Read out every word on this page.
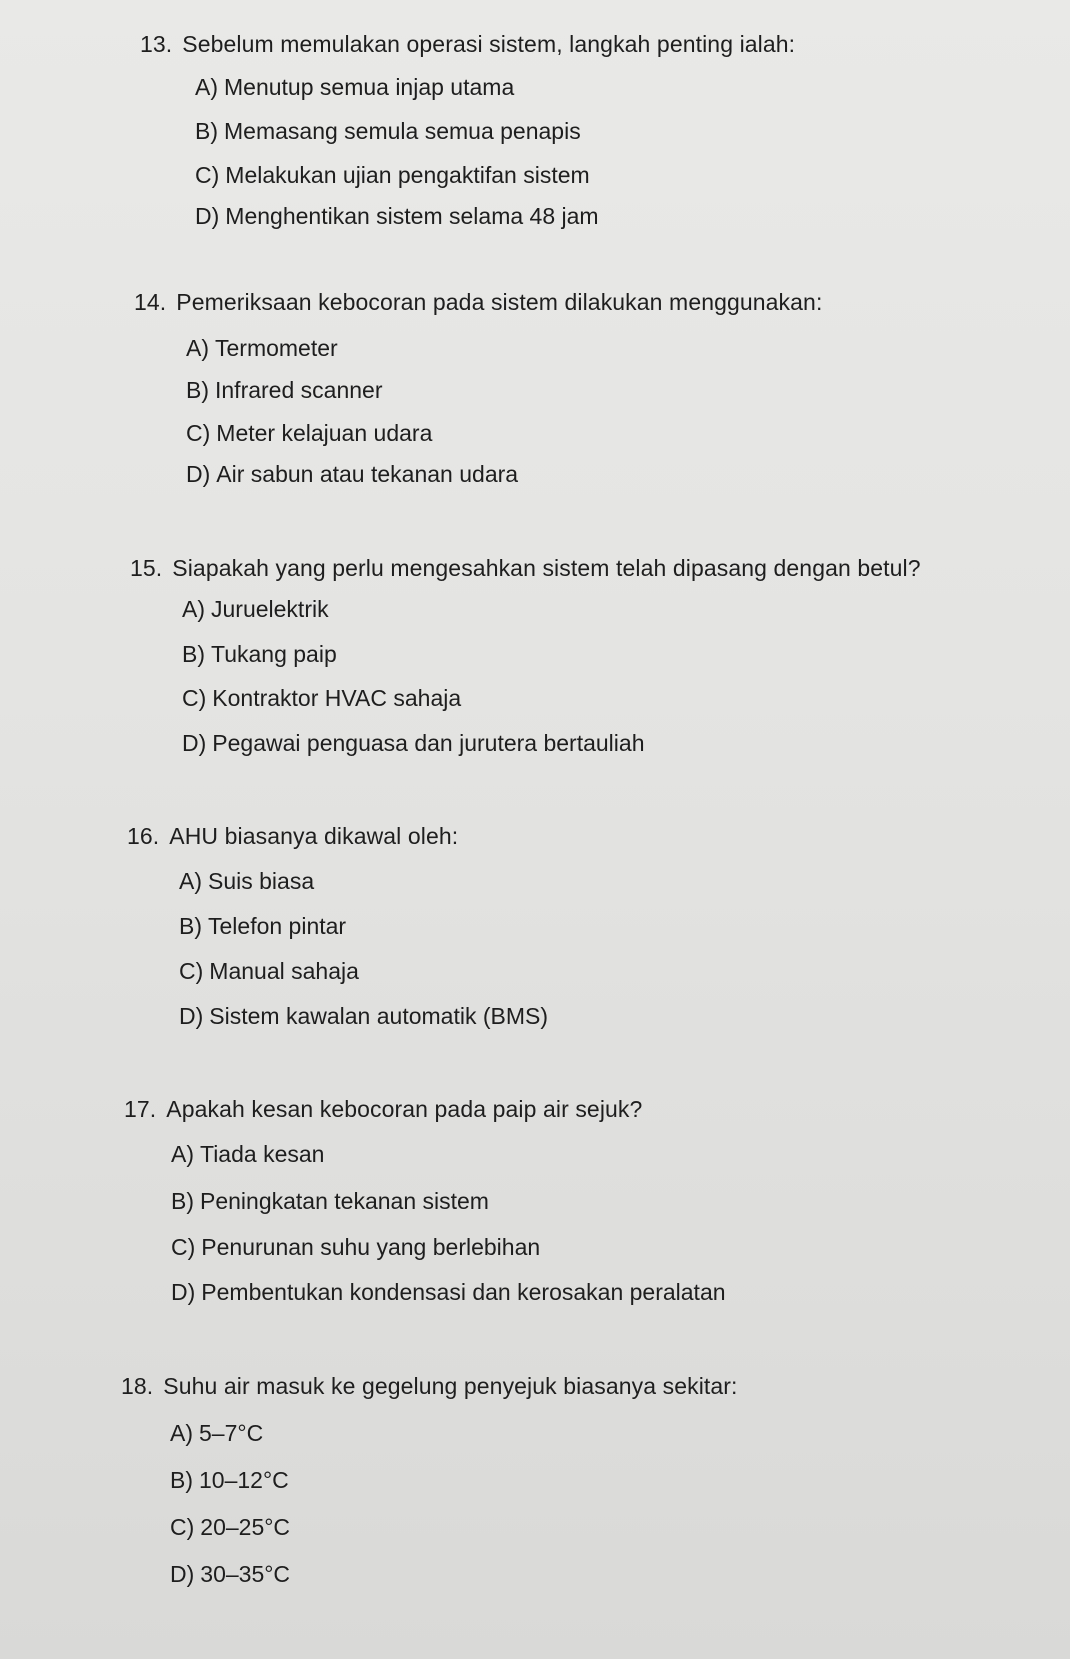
13. Sebelum memulakan operasi sistem, langkah penting ialah:
A) Menutup semua injap utama
B) Memasang semula semua penapis
C) Melakukan ujian pengaktifan sistem
D) Menghentikan sistem selama 48 jam
14. Pemeriksaan kebocoran pada sistem dilakukan menggunakan:
A) Termometer
B) Infrared scanner
C) Meter kelajuan udara
D) Air sabun atau tekanan udara
15. Siapakah yang perlu mengesahkan sistem telah dipasang dengan betul?
A) Juruelektrik
B) Tukang paip
C) Kontraktor HVAC sahaja
D) Pegawai penguasa dan jurutera bertauliah
16. AHU biasanya dikawal oleh:
A) Suis biasa
B) Telefon pintar
C) Manual sahaja
D) Sistem kawalan automatik (BMS)
17. Apakah kesan kebocoran pada paip air sejuk?
A) Tiada kesan
B) Peningkatan tekanan sistem
C) Penurunan suhu yang berlebihan
D) Pembentukan kondensasi dan kerosakan peralatan
18. Suhu air masuk ke gegelung penyejuk biasanya sekitar:
A) 5–7°C
B) 10–12°C
C) 20–25°C
D) 30–35°C
